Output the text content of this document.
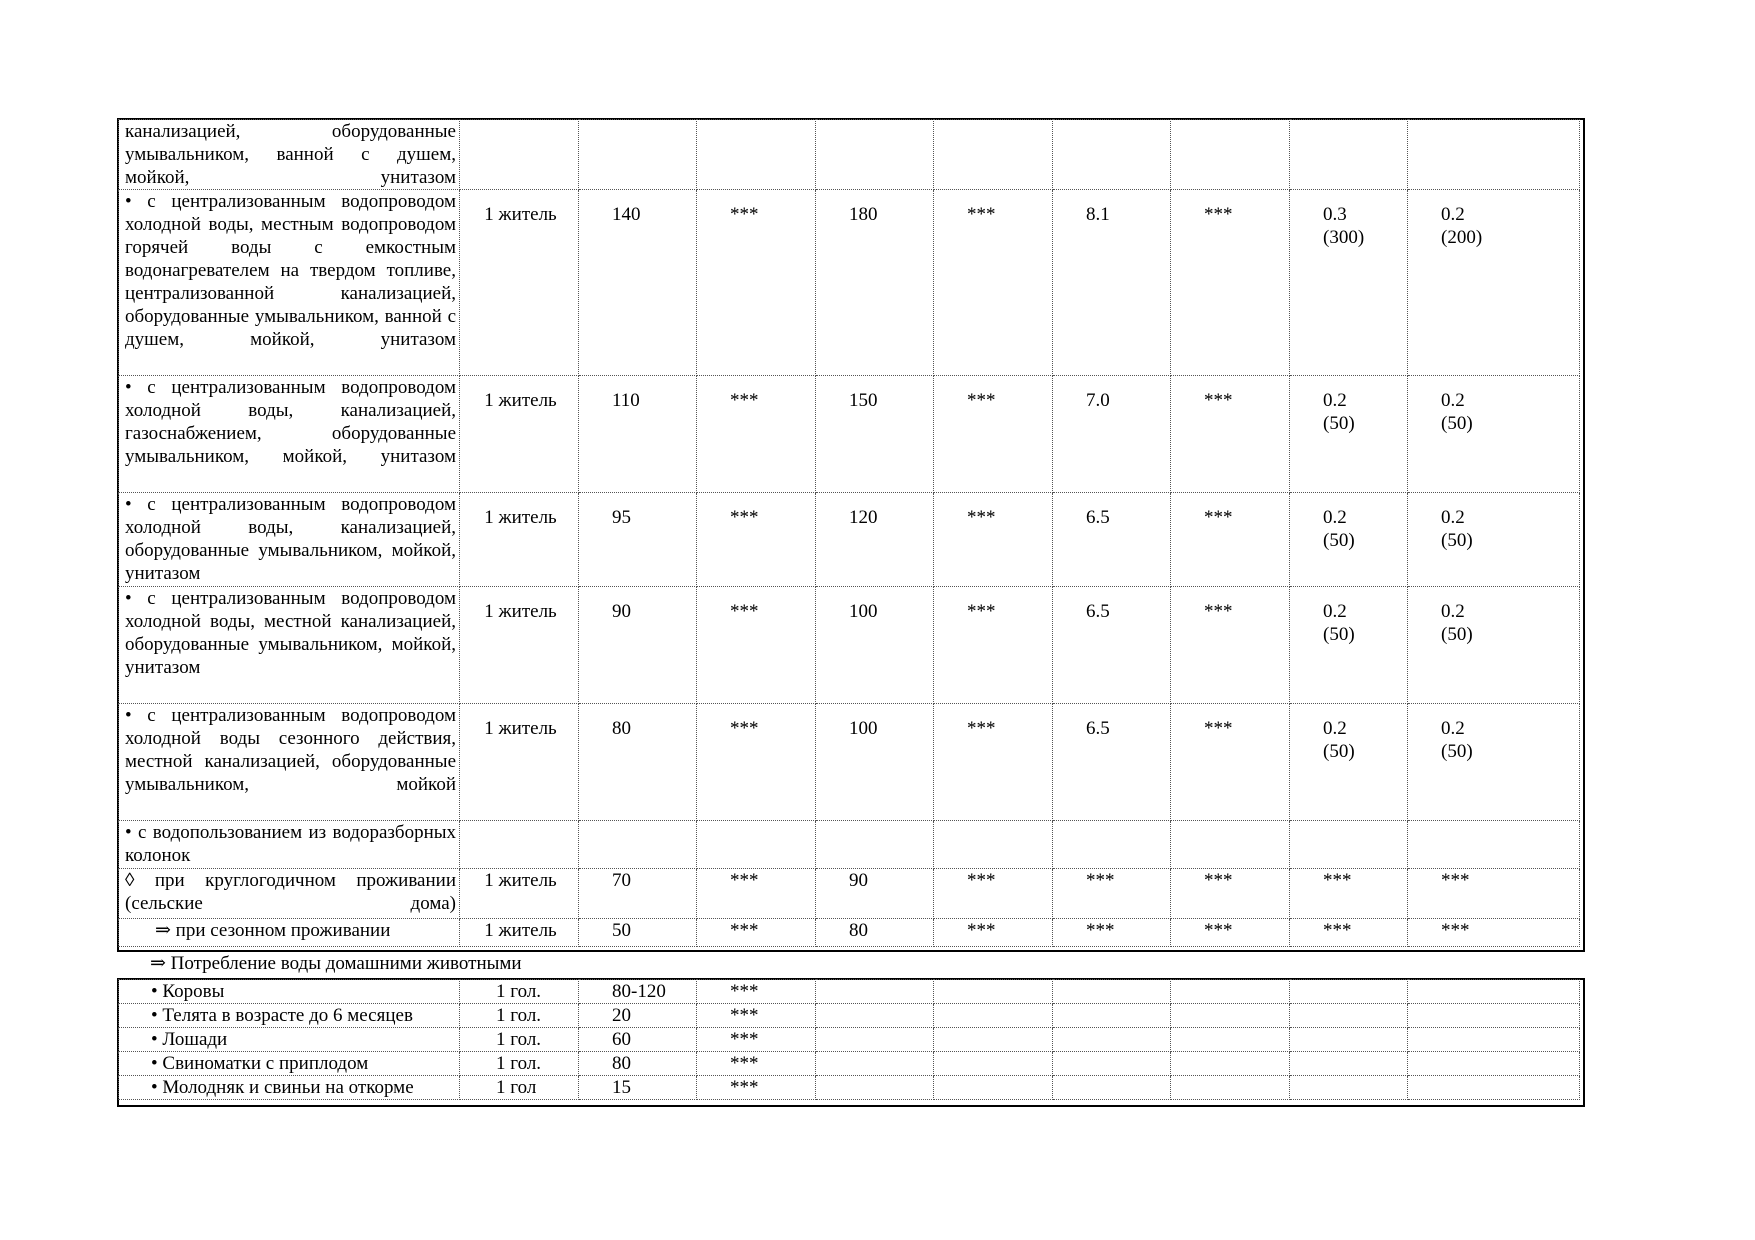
канализацией, оборудованные умывальником, ванной с душем, мойкой, унитазом									
• с централизованным водопроводом холодной воды, местным водопроводом горячей воды с емкостным водонагревателем на твердом топливе, централизованной канализацией, оборудованные умывальником, ванной с душем, мойкой, унитазом	1 житель	140	***	180	***	8.1	***	0.3 (300)	0.2 (200)
• с централизованным водопроводом холодной воды, канализацией, газоснабжением, оборудованные умывальником, мойкой, унитазом	1 житель	110	***	150	***	7.0	***	0.2 (50)	0.2 (50)
• с централизованным водопроводом холодной воды, канализацией, оборудованные умывальником, мойкой, унитазом	1 житель	95	***	120	***	6.5	***	0.2 (50)	0.2 (50)
• с централизованным водопроводом холодной воды, местной канализацией, оборудованные умывальником, мойкой, унитазом	1 житель	90	***	100	***	6.5	***	0.2 (50)	0.2 (50)
• с централизованным водопроводом холодной воды сезонного действия, местной канализацией, оборудованные умывальником, мойкой	1 житель	80	***	100	***	6.5	***	0.2 (50)	0.2 (50)
• с водопользованием из водоразборных колонок									
◊ при круглогодичном проживании (сельские дома)	1 житель	70	***	90	***	***	***	***	***
⇒ при сезонном проживании	1 житель	50	***	80	***	***	***	***	***
⇒ Потребление воды домашними животными
• Коровы	1 гол.	80-120	***						
• Телята в возрасте до 6 месяцев	1 гол.	20	***						
• Лошади	1 гол.	60	***						
• Свиноматки с приплодом	1 гол.	80	***						
• Молодняк и свиньи на откорме	1 гол	15	***						
